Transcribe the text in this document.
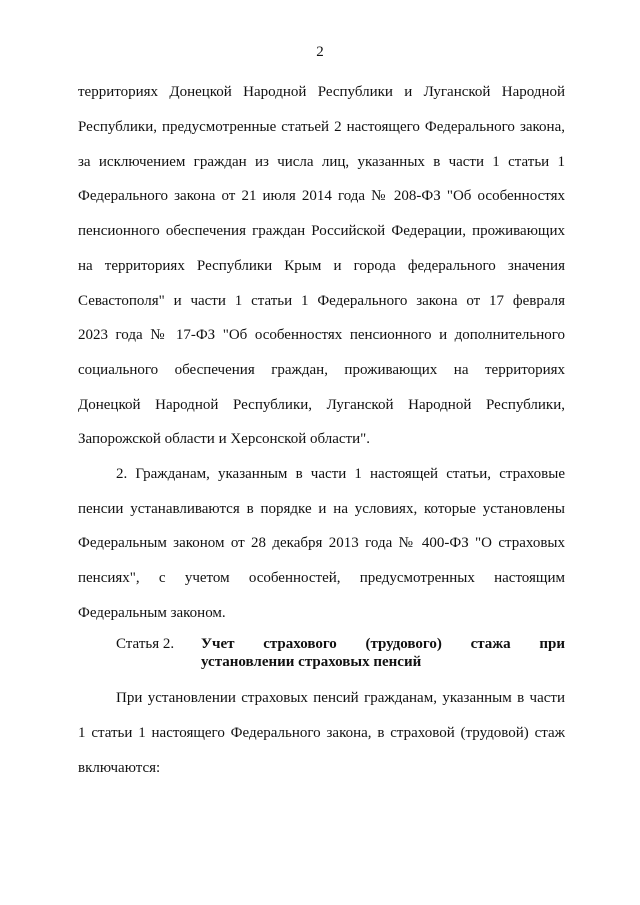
2
территориях Донецкой Народной Республики и Луганской Народной
Республики, предусмотренные статьей 2 настоящего Федерального закона,
за исключением граждан из числа лиц, указанных в части 1 статьи 1
Федерального закона от 21 июля 2014 года № 208-ФЗ "Об особенностях
пенсионного обеспечения граждан Российской Федерации, проживающих
на территориях Республики Крым и города федерального значения
Севастополя" и части 1 статьи 1 Федерального закона от 17 февраля
2023 года № 17-ФЗ "Об особенностях пенсионного и дополнительного
социального обеспечения граждан, проживающих на территориях
Донецкой Народной Республики, Луганской Народной Республики,
Запорожской области и Херсонской области".
2. Гражданам, указанным в части 1 настоящей статьи, страховые
пенсии устанавливаются в порядке и на условиях, которые установлены
Федеральным законом от 28 декабря 2013 года № 400-ФЗ "О страховых
пенсиях", с учетом особенностей, предусмотренных настоящим
Федеральным законом.
Статья 2. Учет страхового (трудового) стажа при
установлении страховых пенсий
При установлении страховых пенсий гражданам, указанным в части
1 статьи 1 настоящего Федерального закона, в страховой (трудовой) стаж
включаются:
